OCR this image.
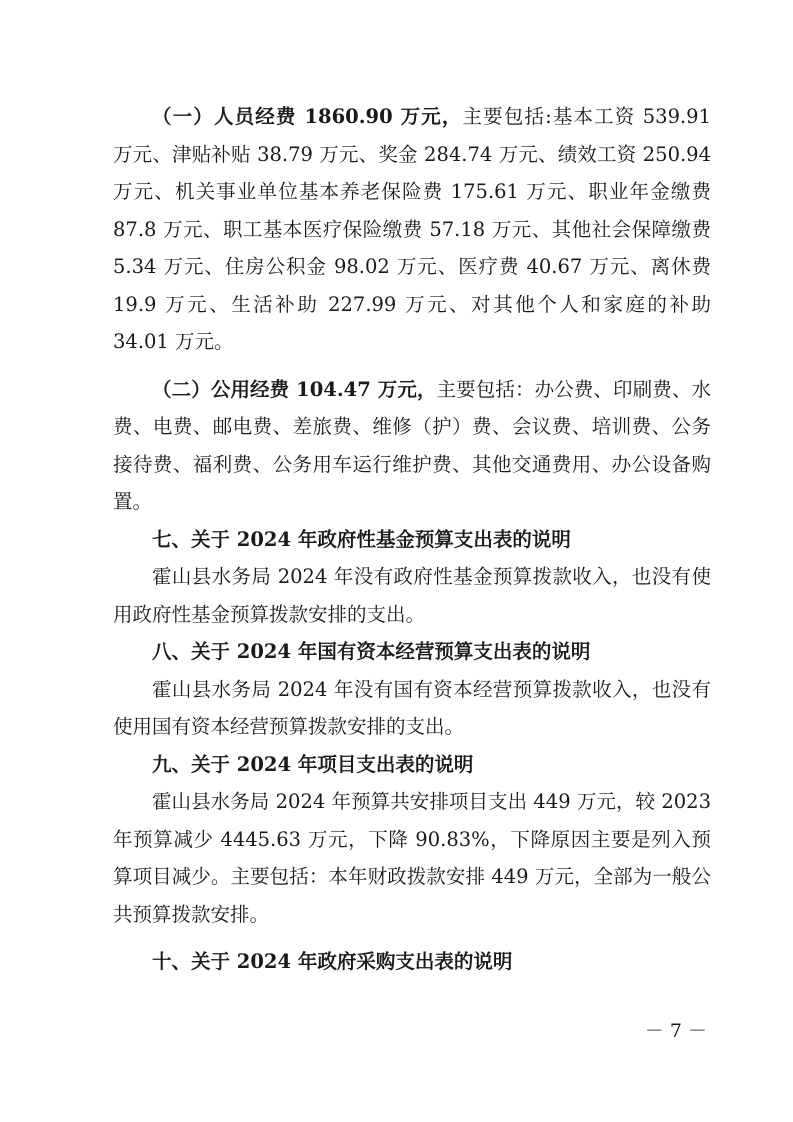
（一）人员经费 1860.90 万元，主要包括:基本工资 539.91 万元、津贴补贴 38.79 万元、奖金 284.74 万元、绩效工资 250.94 万元、机关事业单位基本养老保险费 175.61 万元、职业年金缴费 87.8 万元、职工基本医疗保险缴费 57.18 万元、其他社会保障缴费 5.34 万元、住房公积金 98.02 万元、医疗费 40.67 万元、离休费 19.9 万元、生活补助 227.99 万元、对其他个人和家庭的补助 34.01 万元。

（二）公用经费 104.47 万元，主要包括：办公费、印刷费、水费、电费、邮电费、差旅费、维修（护）费、会议费、培训费、公务接待费、福利费、公务用车运行维护费、其他交通费用、办公设备购置。

七、关于 2024 年政府性基金预算支出表的说明

霍山县水务局 2024 年没有政府性基金预算拨款收入，也没有使用政府性基金预算拨款安排的支出。

八、关于 2024 年国有资本经营预算支出表的说明

霍山县水务局 2024 年没有国有资本经营预算拨款收入，也没有使用国有资本经营预算拨款安排的支出。

九、关于 2024 年项目支出表的说明

霍山县水务局 2024 年预算共安排项目支出 449 万元，较 2023 年预算减少 4445.63 万元，下降 90.83%，下降原因主要是列入预算项目减少。主要包括：本年财政拨款安排 449 万元，全部为一般公共预算拨款安排。

十、关于 2024 年政府采购支出表的说明

－ 7 －
